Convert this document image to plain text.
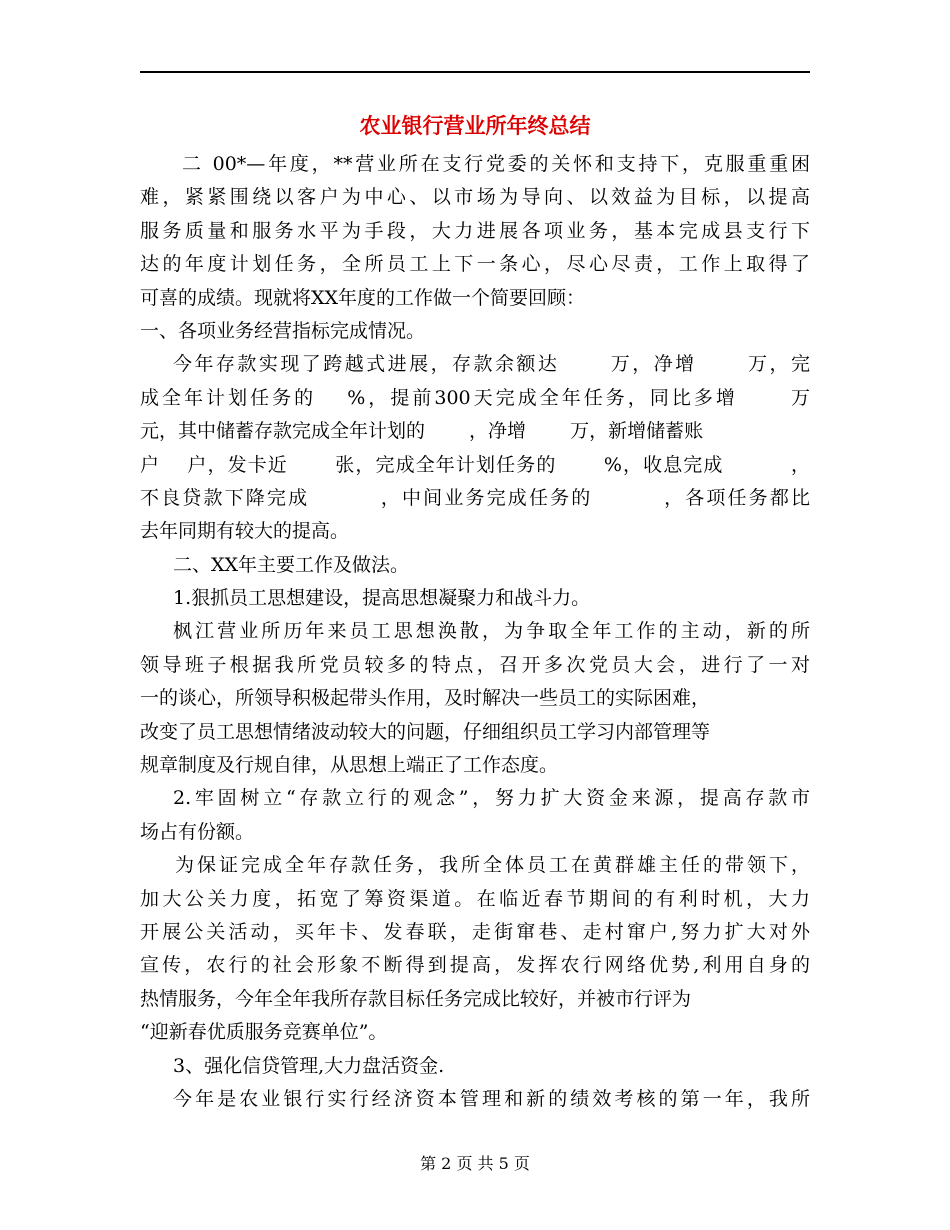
农业银行营业所年终总结
二 00*—年度，**营业所在支行党委的关怀和支持下，克服重重困
难，紧紧围绕以客户为中心、以市场为导向、以效益为目标，以提高
服务质量和服务水平为手段，大力进展各项业务，基本完成县支行下
达的年度计划任务，全所员工上下一条心，尽心尽责，工作上取得了
可喜的成绩。现就将XX年度的工作做一个简要回顾：
一、各项业务经营指标完成情况。
今年存款实现了跨越式进展，存款余额达　　 万，净增　　 万，完
成全年计划任务的　 %，提前300天完成全年任务，同比多增　　 万
元，其中储蓄存款完成全年计划的　　 ，净增　　 万，新增储蓄账
户　 户，发卡近　　 张，完成全年计划任务的　　 %，收息完成　　　 ，
不良贷款下降完成　　　 ，中间业务完成任务的　　　 ，各项任务都比
去年同期有较大的提高。
二、XX年主要工作及做法。
1.狠抓员工思想建设，提高思想凝聚力和战斗力。
枫江营业所历年来员工思想涣散，为争取全年工作的主动，新的所
领导班子根据我所党员较多的特点，召开多次党员大会，进行了一对
一的谈心，所领导积极起带头作用，及时解决一些员工的实际困难，
改变了员工思想情绪波动较大的问题，仔细组织员工学习内部管理等
规章制度及行规自律，从思想上端正了工作态度。
2.牢固树立“存款立行的观念”，努力扩大资金来源，提高存款市
场占有份额。
为保证完成全年存款任务，我所全体员工在黄群雄主任的带领下，
加大公关力度，拓宽了筹资渠道。在临近春节期间的有利时机，大力
开展公关活动，买年卡、发春联，走街窜巷、走村窜户,努力扩大对外
宣传，农行的社会形象不断得到提高，发挥农行网络优势,利用自身的
热情服务，今年全年我所存款目标任务完成比较好，并被市行评为
“迎新春优质服务竞赛单位”。
3、强化信贷管理,大力盘活资金.
今年是农业银行实行经济资本管理和新的绩效考核的第一年，我所
第 2 页 共 5 页
